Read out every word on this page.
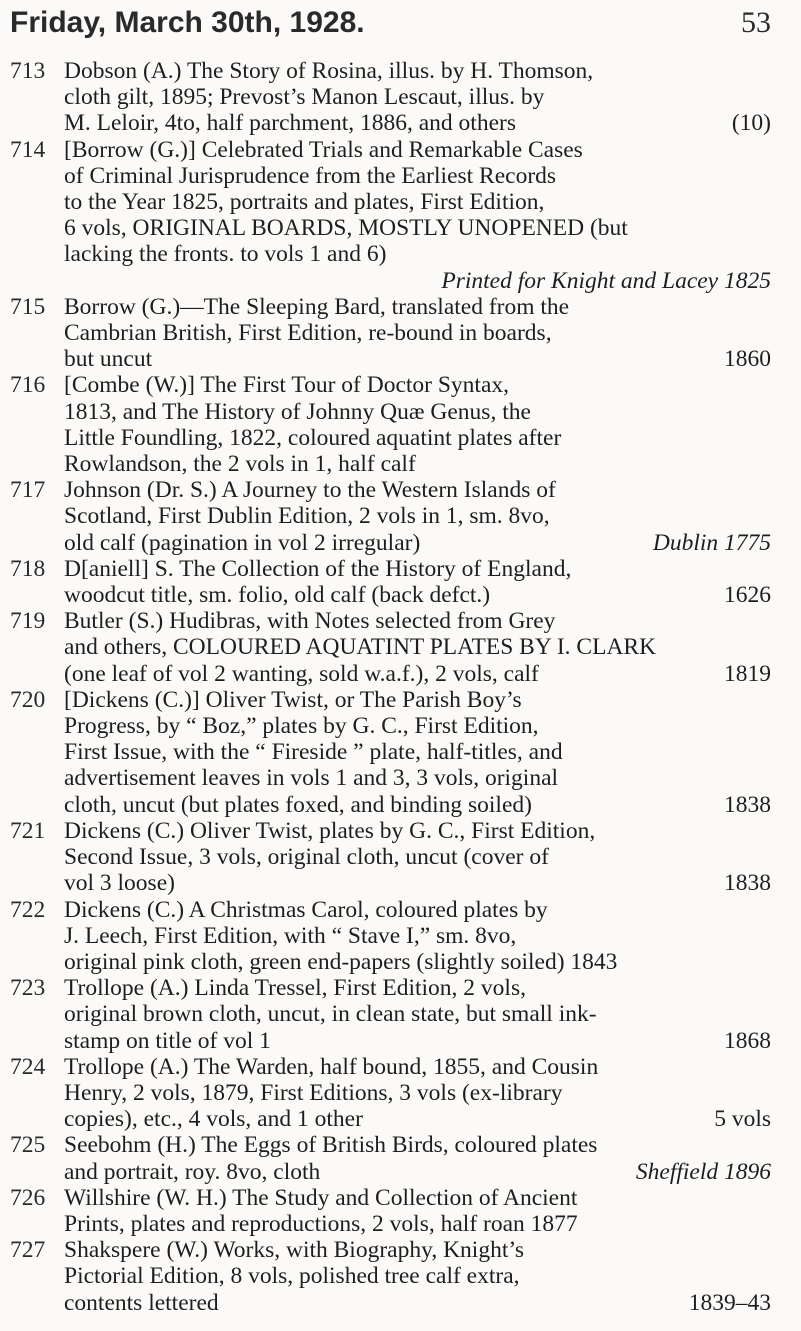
Friday, March 30th, 1928.	53
713 Dobson (A.) The Story of Rosina, illus. by H. Thomson,
cloth gilt, 1895; Prevost’s Manon Lescaut, illus. by
M. Leloir, 4to, half parchment, 1886, and others	(10)
714 [Borrow (G.)] Celebrated Trials and Remarkable Cases
of Criminal Jurisprudence from the Earliest Records
to the Year 1825, portraits and plates, First Edition,
6 vols, ORIGINAL BOARDS, MOSTLY UNOPENED (but
lacking the fronts. to vols 1 and 6)
Printed for Knight and Lacey 1825
715 Borrow (G.)—The Sleeping Bard, translated from the
Cambrian British, First Edition, re-bound in boards,
but uncut	1860
716 [Combe (W.)] The First Tour of Doctor Syntax,
1813, and The History of Johnny Quæ Genus, the
Little Foundling, 1822, coloured aquatint plates after
Rowlandson, the 2 vols in 1, half calf
717 Johnson (Dr. S.) A Journey to the Western Islands of
Scotland, First Dublin Edition, 2 vols in 1, sm. 8vo,
old calf (pagination in vol 2 irregular)	Dublin 1775
718 D[aniell] S. The Collection of the History of England,
woodcut title, sm. folio, old calf (back defct.)	1626
719 Butler (S.) Hudibras, with Notes selected from Grey
and others, COLOURED AQUATINT PLATES BY I. CLARK
(one leaf of vol 2 wanting, sold w.a.f.), 2 vols, calf	1819
720 [Dickens (C.)] Oliver Twist, or The Parish Boy’s
Progress, by “ Boz,” plates by G. C., First Edition,
First Issue, with the “ Fireside ” plate, half-titles, and
advertisement leaves in vols 1 and 3, 3 vols, original
cloth, uncut (but plates foxed, and binding soiled)	1838
721 Dickens (C.) Oliver Twist, plates by G. C., First Edition,
Second Issue, 3 vols, original cloth, uncut (cover of
vol 3 loose)	1838
722 Dickens (C.) A Christmas Carol, coloured plates by
J. Leech, First Edition, with “ Stave I,” sm. 8vo,
original pink cloth, green end-papers (slightly soiled) 1843
723 Trollope (A.) Linda Tressel, First Edition, 2 vols,
original brown cloth, uncut, in clean state, but small ink-
stamp on title of vol 1	1868
724 Trollope (A.) The Warden, half bound, 1855, and Cousin
Henry, 2 vols, 1879, First Editions, 3 vols (ex-library
copies), etc., 4 vols, and 1 other	5 vols
725 Seebohm (H.) The Eggs of British Birds, coloured plates
and portrait, roy. 8vo, cloth	Sheffield 1896
726 Willshire (W. H.) The Study and Collection of Ancient
Prints, plates and reproductions, 2 vols, half roan 1877
727 Shakspere (W.) Works, with Biography, Knight’s
Pictorial Edition, 8 vols, polished tree calf extra,
contents lettered	1839–43
